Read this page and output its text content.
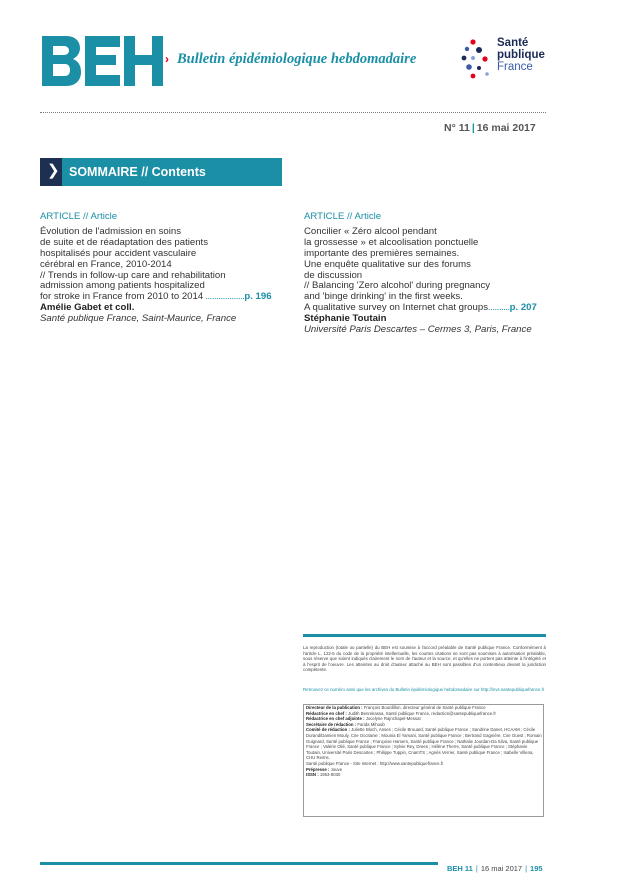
BEH
› Bulletin épidémiologique hebdomadaire
Santé
publique
France
N° 11 | 16 mai 2017
❯ SOMMAIRE // Contents
ARTICLE // Article
Évolution de l'admission en soins
de suite et de réadaptation des patients
hospitalisés pour accident vasculaire
cérébral en France, 2010-2014
// Trends in follow-up care and rehabilitation
admission among patients hospitalized
for stroke in France from 2010 to 2014 ..................p. 196
Amélie Gabet et coll.
Santé publique France, Saint-Maurice, France
ARTICLE // Article
Concilier « Zéro alcool pendant
la grossesse » et alcoolisation ponctuelle
importante des premières semaines.
Une enquête qualitative sur des forums
de discussion
// Balancing 'Zero alcohol' during pregnancy
and 'binge drinking' in the first weeks.
A qualitative survey on Internet chat groups..........p. 207
Stéphanie Toutain
Université Paris Descartes – Cermes 3, Paris, France
La reproduction (totale ou partielle) du BEH est soumise à l'accord préalable de Santé publique France. Conformément à l'article L. 122-5 du code de la propriété intellectuelle, les courtes citations ne sont pas soumises à autorisation préalable, sous réserve que soient indiqués clairement le nom de l'auteur et la source, et qu'elles ne portent pas atteinte à l'intégrité et à l'esprit de l'oeuvre. Les atteintes au droit d'auteur attaché au BEH sont passibles d'un contentieux devant la juridiction compétente.
Retrouvez ce numéro ainsi que les archives du Bulletin épidémiologique hebdomadaire sur http://invs.santepubliquefrance.fr
Directeur de la publication : François Bourdillon, directeur général de Santé publique France
Rédactrice en chef : Judith Benrekassa, Santé publique France, redaction@santepubliquefrance.fr
Rédactrice en chef adjointe : Jocelyne Rajnchapel-Messaï
Secrétaire de rédaction : Farida Mihoub
Comité de rédaction : Juliette Bloch, Anses ; Cécile Brouard, Santé publique France ; Sandrine Danet, HCAAM ; Cécile Durand/Damien Mouly, Cire Occitanie ; Mounia El Yamani, Santé publique France ; Bertrand Gagnière, Cire Ouest ; Romain Guignard, Santé publique France ; Françoise Hamers, Santé publique France ; Nathalie Jourdan-Da Silva, Santé publique France ; Valérie Olié, Santé publique France ; Sylvie Rey, Drees ; Hélène Therre, Santé publique France ; Stéphanie Toutain, Université Paris Descartes ; Philippe Tuppin, CnamTS ; Agnès Verrier, Santé publique France ; Isabelle Villena, CHU Reims.
Santé publique France - Site Internet : http://www.santepubliquefrance.fr
Prépresse : Jouve
ISSN : 1953-8030
BEH 11 | 16 mai 2017 | 195
